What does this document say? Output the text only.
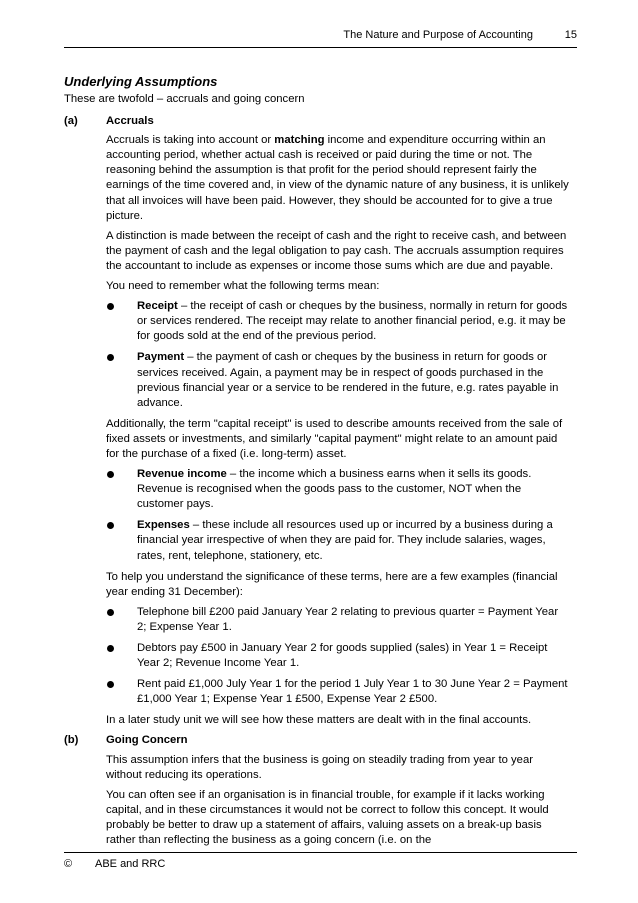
The Nature and Purpose of Accounting	15
Underlying Assumptions

These are twofold – accruals and going concern

(a) Accruals

Accruals is taking into account or matching income and expenditure occurring within an accounting period, whether actual cash is received or paid during the time or not. The reasoning behind the assumption is that profit for the period should represent fairly the earnings of the time covered and, in view of the dynamic nature of any business, it is unlikely that all invoices will have been paid. However, they should be accounted for to give a true picture.

A distinction is made between the receipt of cash and the right to receive cash, and between the payment of cash and the legal obligation to pay cash. The accruals assumption requires the accountant to include as expenses or income those sums which are due and payable.

You need to remember what the following terms mean:

Receipt – the receipt of cash or cheques by the business, normally in return for goods or services rendered. The receipt may relate to another financial period, e.g. it may be for goods sold at the end of the previous period.
Payment – the payment of cash or cheques by the business in return for goods or services received. Again, a payment may be in respect of goods purchased in the previous financial year or a service to be rendered in the future, e.g. rates payable in advance.

Additionally, the term "capital receipt" is used to describe amounts received from the sale of fixed assets or investments, and similarly "capital payment" might relate to an amount paid for the purchase of a fixed (i.e. long-term) asset.

Revenue income – the income which a business earns when it sells its goods. Revenue is recognised when the goods pass to the customer, NOT when the customer pays.
Expenses – these include all resources used up or incurred by a business during a financial year irrespective of when they are paid for. They include salaries, wages, rates, rent, telephone, stationery, etc.

To help you understand the significance of these terms, here are a few examples (financial year ending 31 December):

Telephone bill £200 paid January Year 2 relating to previous quarter = Payment Year 2; Expense Year 1.
Debtors pay £500 in January Year 2 for goods supplied (sales) in Year 1 = Receipt Year 2; Revenue Income Year 1.
Rent paid £1,000 July Year 1 for the period 1 July Year 1 to 30 June Year 2 = Payment £1,000 Year 1; Expense Year 1 £500, Expense Year 2 £500.

In a later study unit we will see how these matters are dealt with in the final accounts.

(b) Going Concern

This assumption infers that the business is going on steadily trading from year to year without reducing its operations.

You can often see if an organisation is in financial trouble, for example if it lacks working capital, and in these circumstances it would not be correct to follow this concept. It would probably be better to draw up a statement of affairs, valuing assets on a break-up basis rather than reflecting the business as a going concern (i.e. on the

© ABE and RRC
